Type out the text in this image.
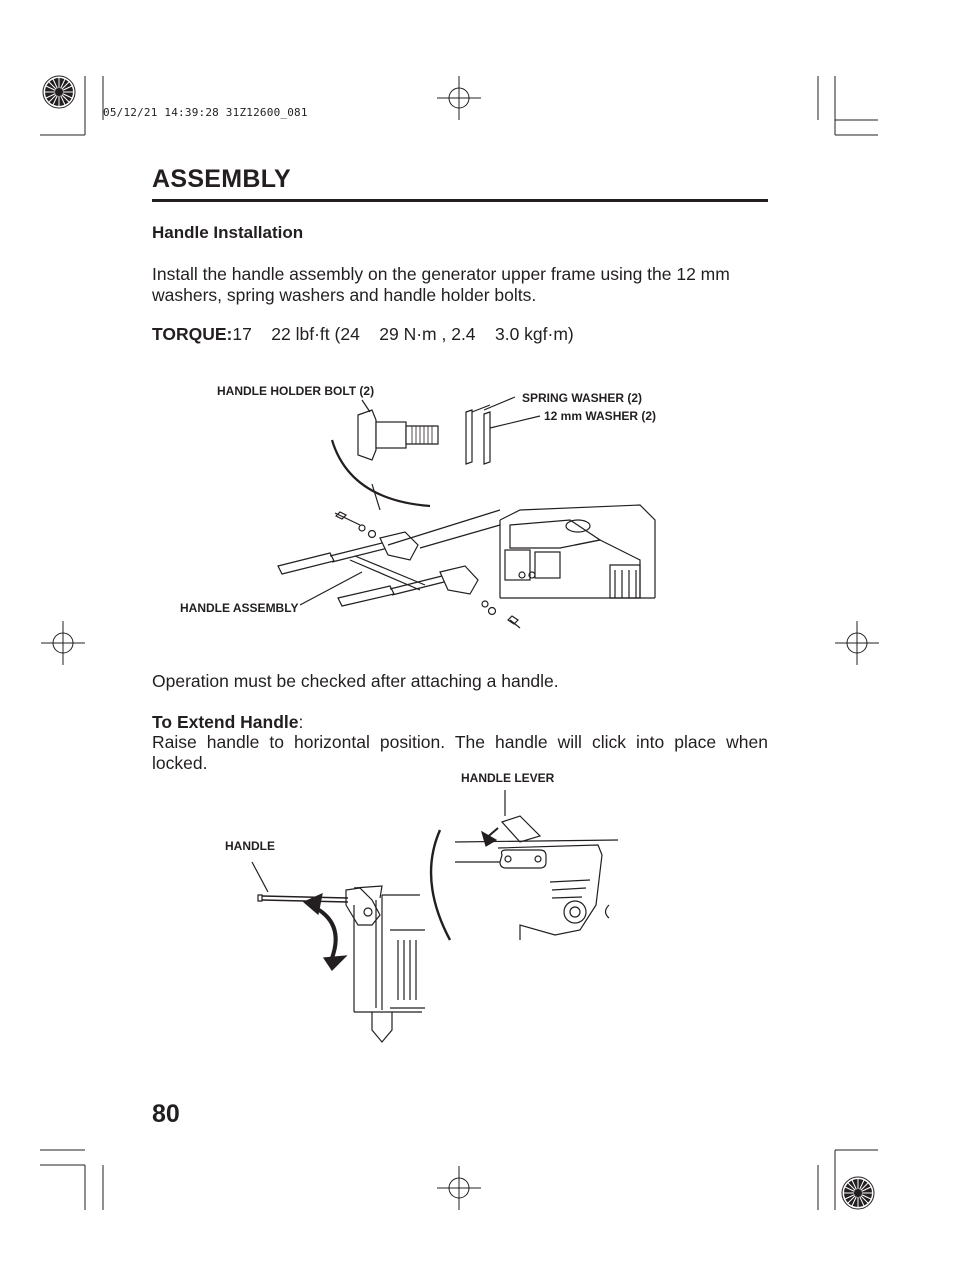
05/12/21 14:39:28 31Z12600_081
ASSEMBLY
Handle Installation
Install the handle assembly on the generator upper frame using the 12 mm washers, spring washers and handle holder bolts.
TORQUE:17    22 lbf·ft (24    29 N·m , 2.4    3.0 kgf·m)
HANDLE HOLDER BOLT (2)	SPRING WASHER (2)
12 mm WASHER (2)
HANDLE ASSEMBLY
Operation must be checked after attaching a handle.
To Extend Handle:
Raise handle to horizontal position. The handle will click into place when locked.
HANDLE LEVER
HANDLE
80
